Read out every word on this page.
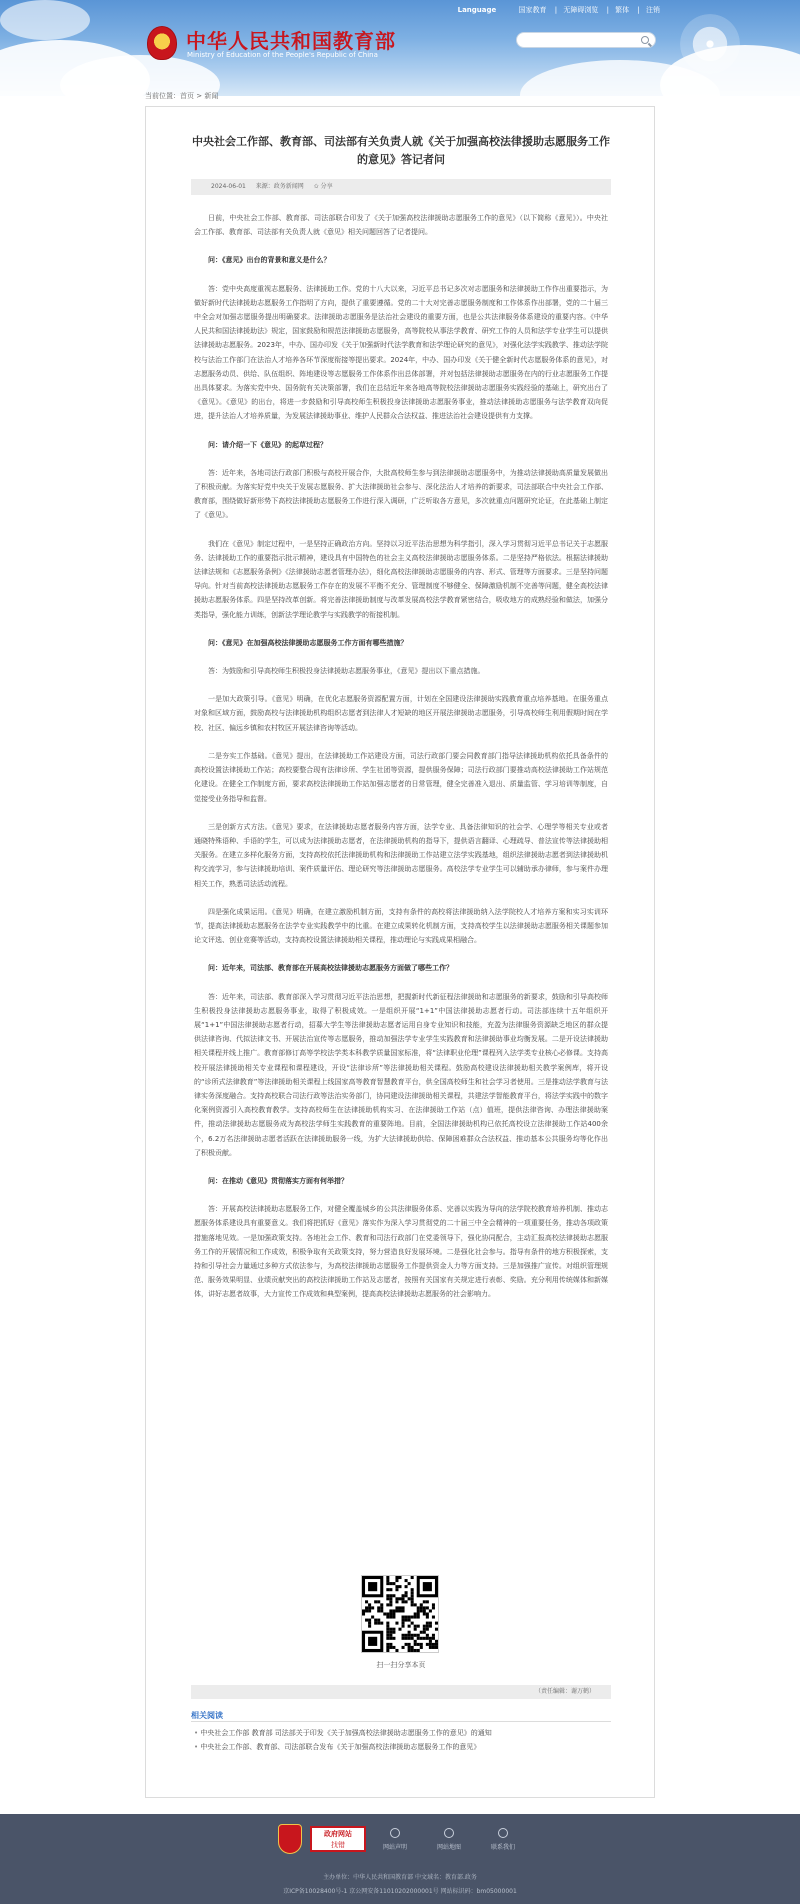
Language	国家教育 | 无障碍浏览 | 繁体 | 注销
中华人民共和国教育部
Ministry of Education of the People's Republic of China
当前位置：首页 > 新闻
中央社会工作部、教育部、司法部有关负责人就《关于加强高校法律援助志愿服务工作的意见》答记者问
2024-06-01 来源：政务新闻网 ✩ 分享

日前，中央社会工作部、教育部、司法部联合印发了《关于加强高校法律援助志愿服务工作的意见》（以下简称《意见》）。中央社会工作部、教育部、司法部有关负责人就《意见》相关问题回答了记者提问。

问：《意见》出台的背景和意义是什么？

答：党中央高度重视志愿服务、法律援助工作。党的十八大以来，习近平总书记多次对志愿服务和法律援助工作作出重要指示，为做好新时代法律援助志愿服务工作指明了方向，提供了重要遵循。党的二十大对完善志愿服务制度和工作体系作出部署，党的二十届三中全会对加强志愿服务提出明确要求。法律援助志愿服务是法治社会建设的重要方面，也是公共法律服务体系建设的重要内容。《中华人民共和国法律援助法》规定，国家鼓励和规范法律援助志愿服务，高等院校从事法学教育、研究工作的人员和法学专业学生可以提供法律援助志愿服务。2023年，中办、国办印发《关于加强新时代法学教育和法学理论研究的意见》，对强化法学实践教学、推动法学院校与法治工作部门在法治人才培养各环节深度衔接等提出要求。2024年，中办、国办印发《关于健全新时代志愿服务体系的意见》，对志愿服务动员、供给、队伍组织、阵地建设等志愿服务工作体系作出总体部署，并对包括法律援助志愿服务在内的行业志愿服务工作提出具体要求。为落实党中央、国务院有关决策部署，我们在总结近年来各地高等院校法律援助志愿服务实践经验的基础上，研究出台了《意见》。《意见》的出台，将进一步鼓励和引导高校师生积极投身法律援助志愿服务事业，推动法律援助志愿服务与法学教育双向促进，提升法治人才培养质量，为发展法律援助事业、维护人民群众合法权益、推进法治社会建设提供有力支撑。

问：请介绍一下《意见》的起草过程？

答：近年来，各地司法行政部门积极与高校开展合作，大批高校师生参与到法律援助志愿服务中，为推动法律援助高质量发展做出了积极贡献。为落实好党中央关于发展志愿服务、扩大法律援助社会参与、深化法治人才培养的新要求，司法部联合中央社会工作部、教育部，围绕做好新形势下高校法律援助志愿服务工作进行深入调研，广泛听取各方意见，多次就重点问题研究论证，在此基础上制定了《意见》。

我们在《意见》制定过程中，一是坚持正确政治方向。坚持以习近平法治思想为科学指引，深入学习贯彻习近平总书记关于志愿服务、法律援助工作的重要指示批示精神，建设具有中国特色的社会主义高校法律援助志愿服务体系。二是坚持严格依法。根据法律援助法律法规和《志愿服务条例》《法律援助志愿者管理办法》，细化高校法律援助志愿服务的内容、形式、管理等方面要求。三是坚持问题导向。针对当前高校法律援助志愿服务工作存在的发展不平衡不充分、管理制度不够健全、保障激励机制不完善等问题，健全高校法律援助志愿服务体系。四是坚持改革创新。将完善法律援助制度与改革发展高校法学教育紧密结合，吸收地方的成熟经验和做法，加强分类指导，强化能力训练，创新法学理论教学与实践教学的衔接机制。

问：《意见》在加强高校法律援助志愿服务工作方面有哪些措施？

答：为鼓励和引导高校师生积极投身法律援助志愿服务事业，《意见》提出以下重点措施。

一是加大政策引导。《意见》明确，在优化志愿服务资源配置方面，计划在全国建设法律援助实践教育重点培养基地。在服务重点对象和区域方面，鼓励高校与法律援助机构组织志愿者到法律人才短缺的地区开展法律援助志愿服务，引导高校师生利用假期时间在学校、社区、偏远乡镇和农村牧区开展法律咨询等活动。

二是夯实工作基础。《意见》提出，在法律援助工作站建设方面，司法行政部门要会同教育部门指导法律援助机构依托具备条件的高校设置法律援助工作站；高校要整合现有法律诊所、学生社团等资源，提供服务保障；司法行政部门要推动高校法律援助工作站规范化建设。在健全工作制度方面，要求高校法律援助工作站加强志愿者的日常管理，健全完善准入退出、质量监管、学习培训等制度，自觉接受业务指导和监督。

三是创新方式方法。《意见》要求，在法律援助志愿者服务内容方面，法学专业、具备法律知识的社会学、心理学等相关专业或者通晓特殊语种、手语的学生，可以成为法律援助志愿者，在法律援助机构的指导下，提供语言翻译、心理疏导、普法宣传等法律援助相关服务。在建立多样化服务方面，支持高校依托法律援助机构和法律援助工作站建立法学实践基地，组织法律援助志愿者到法律援助机构交流学习，参与法律援助培训、案件质量评估、理论研究等法律援助志愿服务。高校法学专业学生可以辅助承办律师，参与案件办理相关工作，熟悉司法活动流程。

四是强化成果运用。《意见》明确，在建立激励机制方面，支持有条件的高校将法律援助纳入法学院校人才培养方案和实习实训环节，提高法律援助志愿服务在法学专业实践教学中的比重。在建立成果转化机制方面，支持高校学生以法律援助志愿服务相关课题参加论文评选、创业竞赛等活动，支持高校设置法律援助相关课程，推动理论与实践成果相融合。

问：近年来，司法部、教育部在开展高校法律援助志愿服务方面做了哪些工作？

答：近年来，司法部、教育部深入学习贯彻习近平法治思想，把握新时代新征程法律援助和志愿服务的新要求，鼓励和引导高校师生积极投身法律援助志愿服务事业，取得了积极成效。一是组织开展“1+1”中国法律援助志愿者行动。司法部连续十五年组织开展“1+1”中国法律援助志愿者行动，招募大学生等法律援助志愿者运用自身专业知识和技能，充盈为法律服务资源缺乏地区的群众提供法律咨询、代拟法律文书、开展法治宣传等志愿服务，推动加强法学专业学生实践教育和法律援助事业均衡发展。二是开设法律援助相关课程并线上推广。教育部修订高等学校法学类本科教学质量国家标准，将“法律职业伦理”课程列入法学类专业核心必修课。支持高校开展法律援助相关专业课程和课程建设，开设“法律诊所”等法律援助相关课程。鼓励高校建设法律援助相关教学案例库，将开设的“诊所式法律教育”等法律援助相关课程上线国家高等教育智慧教育平台，供全国高校师生和社会学习者使用。三是推动法学教育与法律实务深度融合。支持高校联合司法行政等法治实务部门，协同建设法律援助相关课程，共建法学智能教育平台，将法学实践中的数字化案例资源引入高校教育教学。支持高校师生在法律援助机构实习、在法律援助工作站（点）值班，提供法律咨询、办理法律援助案件，推动法律援助志愿服务成为高校法学师生实践教育的重要阵地。目前，全国法律援助机构已依托高校设立法律援助工作站400余个，6.2万名法律援助志愿者活跃在法律援助服务一线，为扩大法律援助供给、保障困难群众合法权益、推动基本公共服务均等化作出了积极贡献。

问：在推动《意见》贯彻落实方面有何举措？

答：开展高校法律援助志愿服务工作，对健全覆盖城乡的公共法律服务体系、完善以实践为导向的法学院校教育培养机制、推动志愿服务体系建设具有重要意义。我们将把抓好《意见》落实作为深入学习贯彻党的二十届三中全会精神的一项重要任务，推动各项政策措施落地见效。一是加强政策支持。各地社会工作、教育和司法行政部门在党委领导下，强化协同配合，主动汇报高校法律援助志愿服务工作的开展情况和工作成效，积极争取有关政策支持，努力营造良好发展环境。二是强化社会参与。指导有条件的地方积极探索，支持和引导社会力量通过多种方式依法参与，为高校法律援助志愿服务工作提供资金人力等方面支持。三是加强推广宣传。对组织管理规范、服务效果明显、业绩贡献突出的高校法律援助工作站及志愿者，按照有关国家有关规定进行表彰、奖励。充分利用传统媒体和新媒体，讲好志愿者故事，大力宣传工作成效和典型案例，提高高校法律援助志愿服务的社会影响力。

扫一扫分享本页
（责任编辑：谢万鹤）
相关阅读
• 中央社会工作部 教育部 司法部关于印发《关于加强高校法律援助志愿服务工作的意见》的通知
• 中央社会工作部、教育部、司法部联合发布《关于加强高校法律援助志愿服务工作的意见》
政府网站
找错	网站声明	网站地图	联系我们
主办单位：中华人民共和国教育部 中文域名：教育部.政务
京ICP备10028400号-1 京公网安备11010202000001号 网站标识码：bm05000001
